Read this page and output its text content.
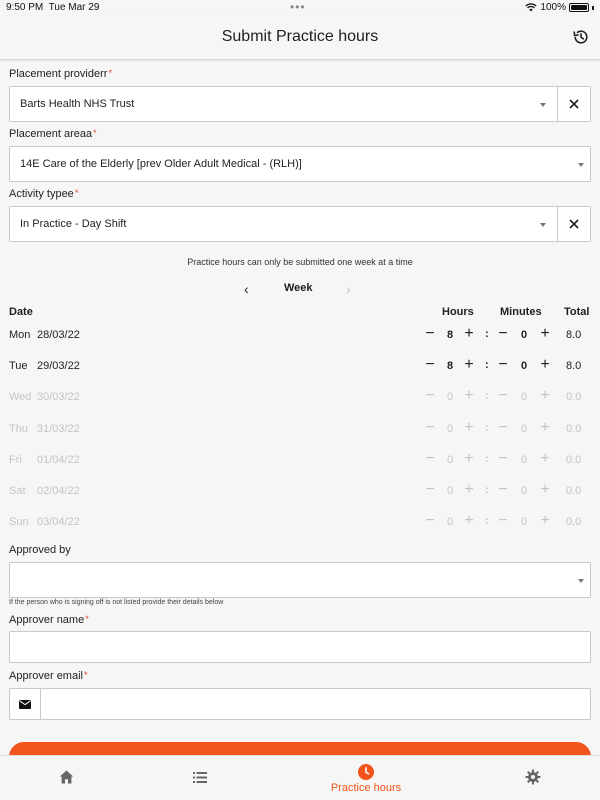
9:50 PM Tue Mar 29	•••	100%
Submit Practice hours
Placement providerr*
Barts Health NHS Trust
Placement areaa*
14E Care of the Elderly [prev Older Adult Medical - (RLH)]
Activity typee*
In Practice - Day Shift
Practice hours can only be submitted one week at a time
‹	Week ›
Date	Hours Minutes Total
Mon 28/03/22	− 8 + : − 0 + 8.0
Tue 29/03/22	− 8 + : − 0 + 8.0
Wed 30/03/22	− 0 + : − 0 + 0.0
Thu 31/03/22	− 0 + : − 0 + 0.0
Fri 01/04/22	− 0 + : − 0 + 0.0
Sat 02/04/22	− 0 + : − 0 + 0.0
Sun 03/04/22	− 0 + : − 0 + 0.0
Approved by
If the person who is signing off is not listed provide their details below
Approver name*
Approver email*
Practice hours
